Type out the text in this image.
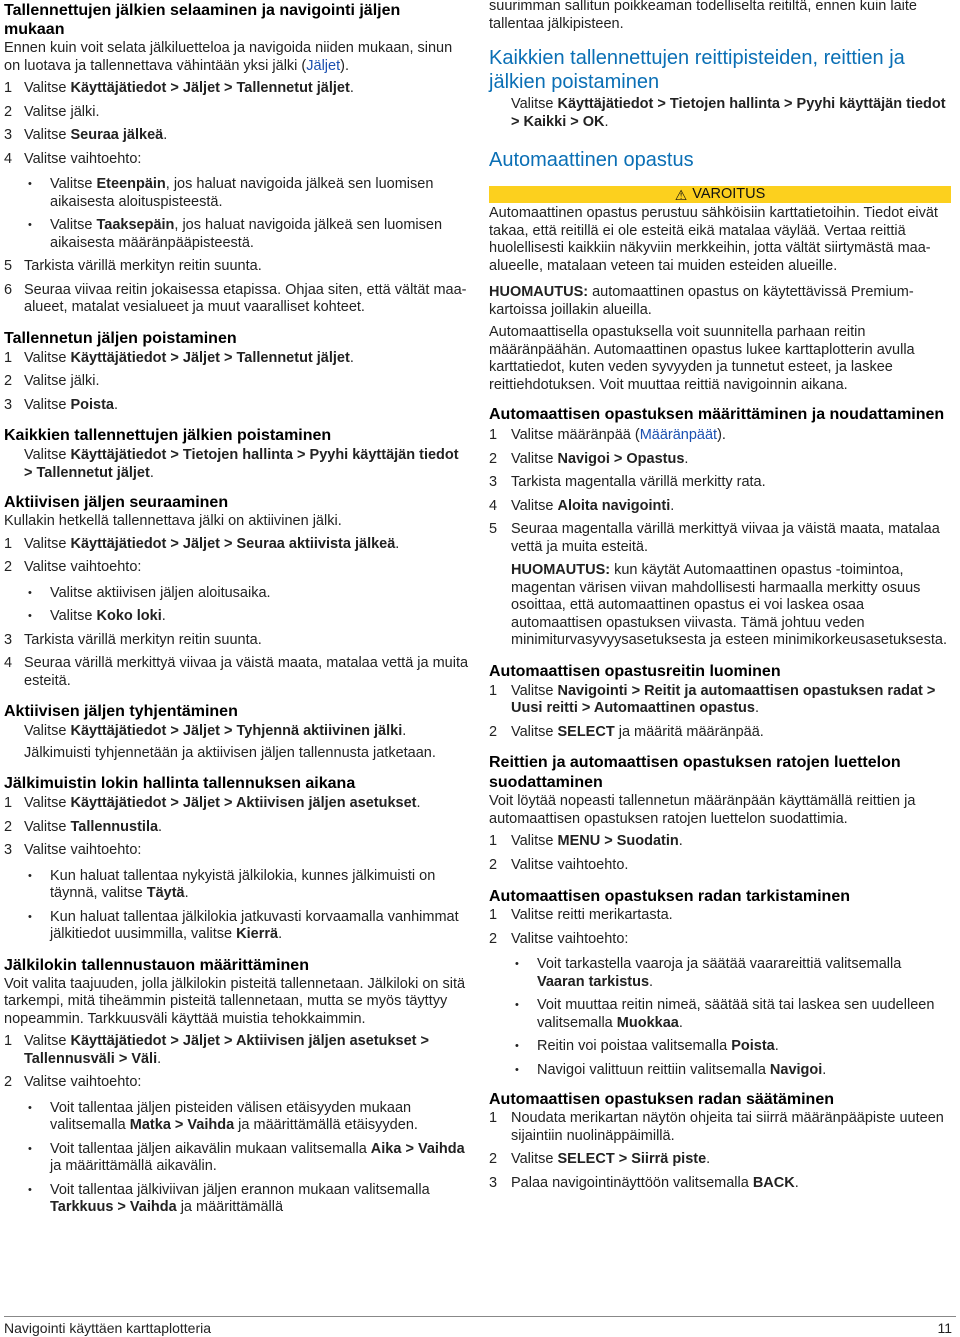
Tallennettujen jälkien selaaminen ja navigointi jäljen mukaan

Ennen kuin voit selata jälkiluetteloa ja navigoida niiden mukaan, sinun on luotava ja tallennettava vähintään yksi jälki (Jäljet).

1 Valitse Käyttäjätiedot > Jäljet > Tallennetut jäljet.
2 Valitse jälki.
3 Valitse Seuraa jälkeä.
4 Valitse vaihtoehto:
•	Valitse Eteenpäin, jos haluat navigoida jälkeä sen luomisen aikaisesta aloituspisteestä.
•	Valitse Taaksepäin, jos haluat navigoida jälkeä sen luomisen aikaisesta määränpääpisteestä.
5 Tarkista värillä merkityn reitin suunta.
6 Seuraa viivaa reitin jokaisessa etapissa. Ohjaa siten, että vältät maa-alueet, matalat vesialueet ja muut vaaralliset kohteet.
Tallennetun jäljen poistaminen
1 Valitse Käyttäjätiedot > Jäljet > Tallennetut jäljet.
2 Valitse jälki.
3 Valitse Poista.
Kaikkien tallennettujen jälkien poistaminen

Valitse Käyttäjätiedot > Tietojen hallinta > Pyyhi käyttäjän tiedot > Tallennetut jäljet.

Aktiivisen jäljen seuraaminen

Kullakin hetkellä tallennettava jälki on aktiivinen jälki.

1 Valitse Käyttäjätiedot > Jäljet > Seuraa aktiivista jälkeä.
2 Valitse vaihtoehto:
•	Valitse aktiivisen jäljen aloitusaika.
•	Valitse Koko loki.
3 Tarkista värillä merkityn reitin suunta.
4 Seuraa värillä merkittyä viivaa ja väistä maata, matalaa vettä ja muita esteitä.
Aktiivisen jäljen tyhjentäminen

Valitse Käyttäjätiedot > Jäljet > Tyhjennä aktiivinen jälki.

Jälkimuisti tyhjennetään ja aktiivisen jäljen tallennusta jatketaan.

Jälkimuistin lokin hallinta tallennuksen aikana
1 Valitse Käyttäjätiedot > Jäljet > Aktiivisen jäljen asetukset.
2 Valitse Tallennustila.
3 Valitse vaihtoehto:
•	Kun haluat tallentaa nykyistä jälkilokia, kunnes jälkimuisti on täynnä, valitse Täytä.
•	Kun haluat tallentaa jälkilokia jatkuvasti korvaamalla vanhimmat jälkitiedot uusimmilla, valitse Kierrä.
Jälkilokin tallennustauon määrittäminen

Voit valita taajuuden, jolla jälkilokin pisteitä tallennetaan. Jälkiloki on sitä tarkempi, mitä tiheämmin pisteitä tallennetaan, mutta se myös täyttyy nopeammin. Tarkkuusväli käyttää muistia tehokkaimmin.

1 Valitse Käyttäjätiedot > Jäljet > Aktiivisen jäljen asetukset > Tallennusväli > Väli.
2 Valitse vaihtoehto:
•	Voit tallentaa jäljen pisteiden välisen etäisyyden mukaan valitsemalla Matka > Vaihda ja määrittämällä etäisyyden.
•	Voit tallentaa jäljen aikavälin mukaan valitsemalla Aika > Vaihda ja määrittämällä aikavälin.
•	Voit tallentaa jälkiviivan jäljen erannon mukaan valitsemalla Tarkkuus > Vaihda ja määrittämällä

suurimman sallitun poikkeaman todelliselta reitiltä, ennen kuin laite tallentaa jälkipisteen.

Kaikkien tallennettujen reittipisteiden, reittien ja jälkien poistaminen

Valitse Käyttäjätiedot > Tietojen hallinta > Pyyhi käyttäjän tiedot > Kaikki > OK.

Automaattinen opastus
⚠ VAROITUS

Automaattinen opastus perustuu sähköisiin karttatietoihin. Tiedot eivät takaa, että reitillä ei ole esteitä eikä matalaa väylää. Vertaa reittiä huolellisesti kaikkiin näkyviin merkkeihin, jotta vältät siirtymästä maa-alueelle, matalaan veteen tai muiden esteiden alueille.

HUOMAUTUS: automaattinen opastus on käytettävissä Premium-kartoissa joillakin alueilla.

Automaattisella opastuksella voit suunnitella parhaan reitin määränpäähän. Automaattinen opastus lukee karttaplotterin avulla karttatiedot, kuten veden syvyyden ja tunnetut esteet, ja laskee reittiehdotuksen. Voit muuttaa reittiä navigoinnin aikana.

Automaattisen opastuksen määrittäminen ja noudattaminen
1 Valitse määränpää (Määränpäät).
2 Valitse Navigoi > Opastus.
3 Tarkista magentalla värillä merkitty rata.
4 Valitse Aloita navigointi.
5 Seuraa magentalla värillä merkittyä viivaa ja väistä maata, matalaa vettä ja muita esteitä.

HUOMAUTUS: kun käytät Automaattinen opastus -toimintoa, magentan värisen viivan mahdollisesti harmaalla merkitty osuus osoittaa, että automaattinen opastus ei voi laskea osaa automaattisen opastuksen viivasta. Tämä johtuu veden minimiturvasyvyysasetuksesta ja esteen minimikorkeusasetuksesta.

Automaattisen opastusreitin luominen
1 Valitse Navigointi > Reitit ja automaattisen opastuksen radat > Uusi reitti > Automaattinen opastus.
2 Valitse SELECT ja määritä määränpää.
Reittien ja automaattisen opastuksen ratojen luettelon suodattaminen

Voit löytää nopeasti tallennetun määränpään käyttämällä reittien ja automaattisen opastuksen ratojen luettelon suodattimia.

1 Valitse MENU > Suodatin.
2 Valitse vaihtoehto.
Automaattisen opastuksen radan tarkistaminen
1 Valitse reitti merikartasta.
2 Valitse vaihtoehto:
•	Voit tarkastella vaaroja ja säätää vaarareittiä valitsemalla Vaaran tarkistus.
•	Voit muuttaa reitin nimeä, säätää sitä tai laskea sen uudelleen valitsemalla Muokkaa.
•	Reitin voi poistaa valitsemalla Poista.
•	Navigoi valittuun reittiin valitsemalla Navigoi.
Automaattisen opastuksen radan säätäminen
1 Noudata merikartan näytön ohjeita tai siirrä määränpääpiste uuteen sijaintiin nuolinäppäimillä.
2 Valitse SELECT > Siirrä piste.
3 Palaa navigointinäyttöön valitsemalla BACK.
Navigointi käyttäen karttaplotteria	11
